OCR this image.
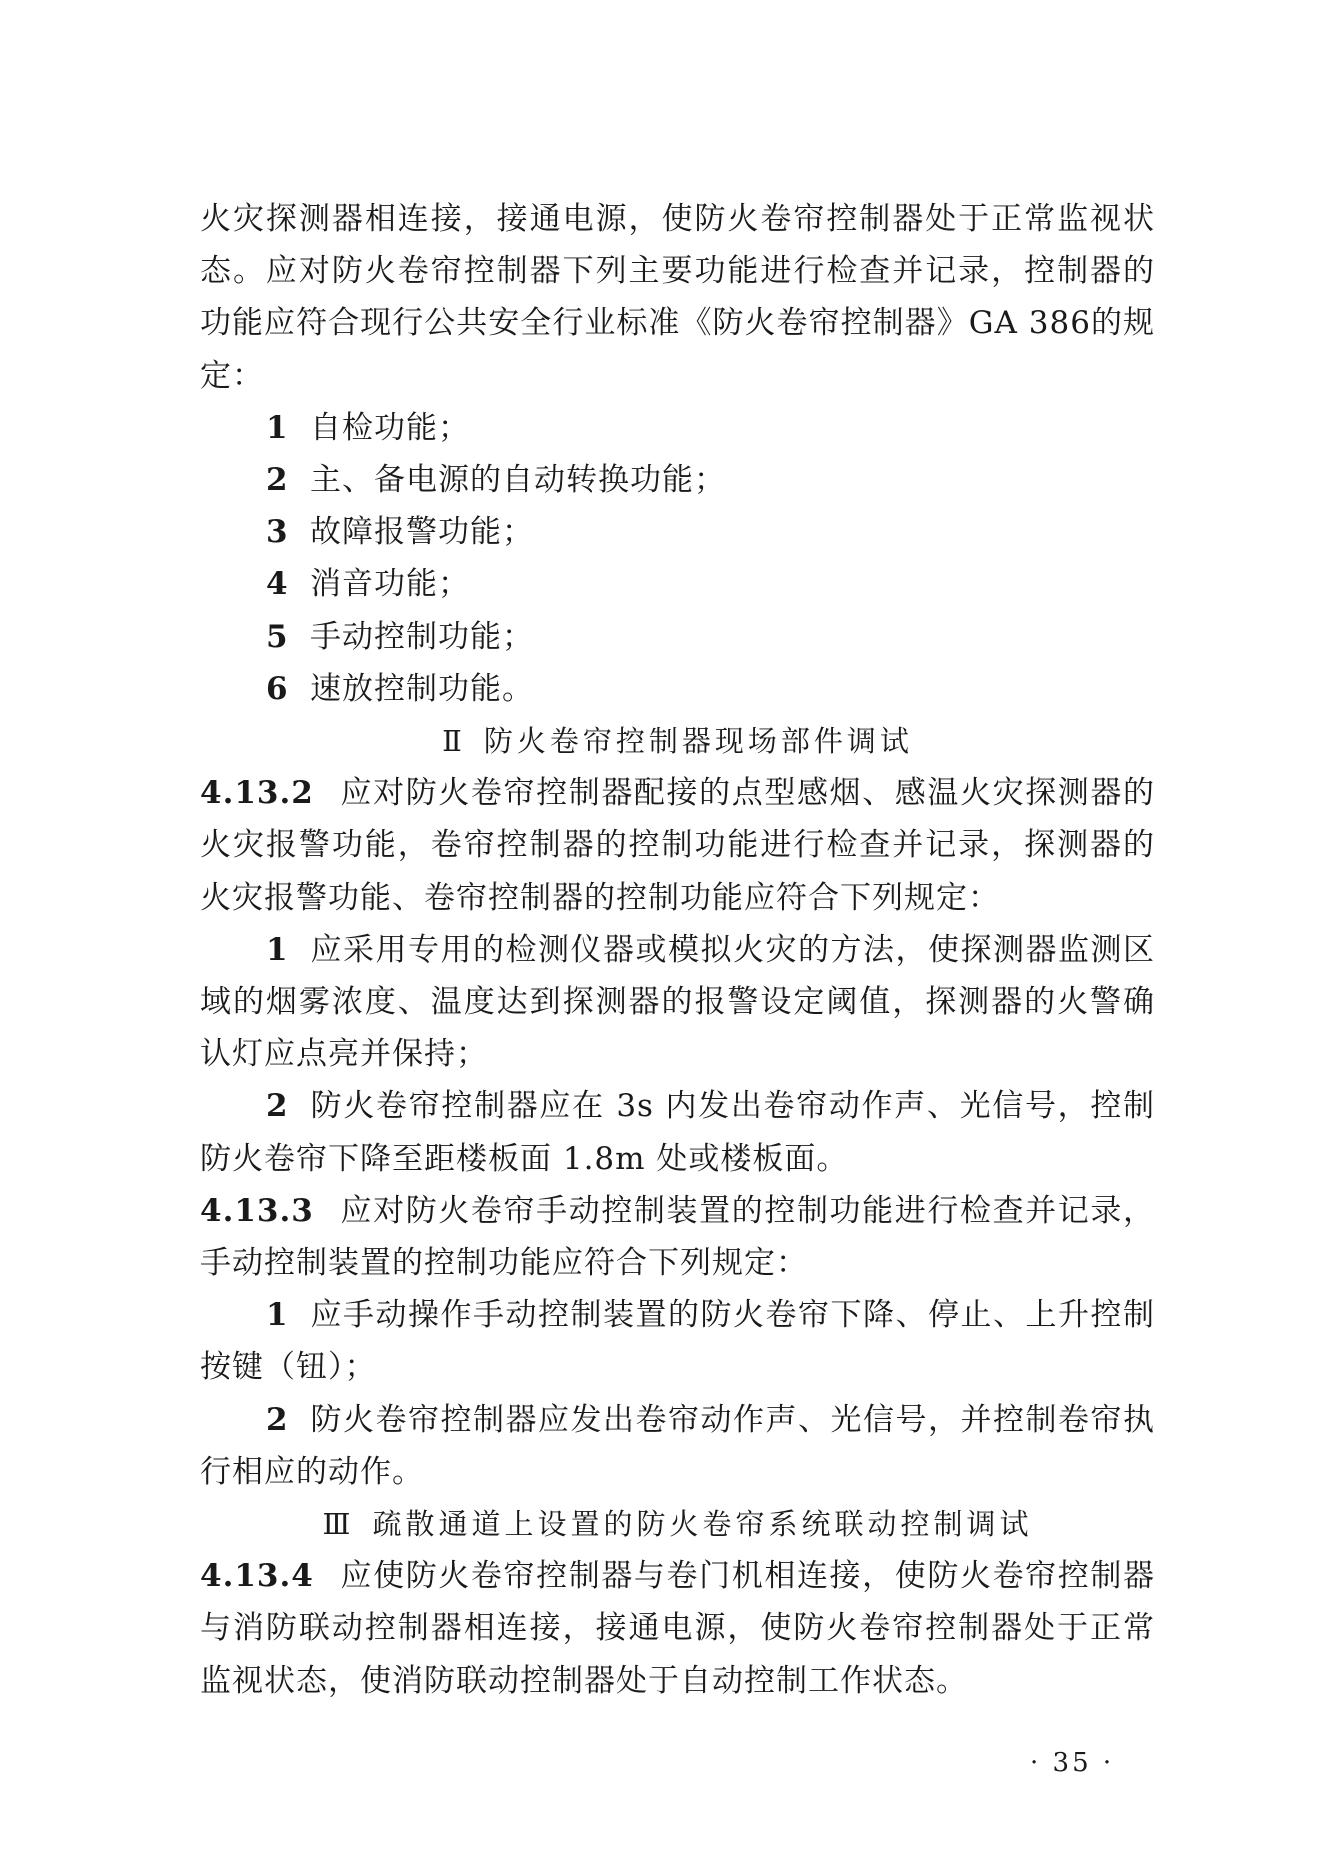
火灾探测器相连接，接通电源，使防火卷帘控制器处于正常监视状态。应对防火卷帘控制器下列主要功能进行检查并记录，控制器的功能应符合现行公共安全行业标准《防火卷帘控制器》GA 386的规定：

1 自检功能；

2 主、备电源的自动转换功能；

3 故障报警功能；

4 消音功能；

5 手动控制功能；

6 速放控制功能。

Ⅱ 防火卷帘控制器现场部件调试

4.13.2 应对防火卷帘控制器配接的点型感烟、感温火灾探测器的火灾报警功能，卷帘控制器的控制功能进行检查并记录，探测器的火灾报警功能、卷帘控制器的控制功能应符合下列规定：

1 应采用专用的检测仪器或模拟火灾的方法，使探测器监测区域的烟雾浓度、温度达到探测器的报警设定阈值，探测器的火警确认灯应点亮并保持；

2 防火卷帘控制器应在 3s 内发出卷帘动作声、光信号，控制防火卷帘下降至距楼板面 1.8m 处或楼板面。

4.13.3 应对防火卷帘手动控制装置的控制功能进行检查并记录，手动控制装置的控制功能应符合下列规定：

1 应手动操作手动控制装置的防火卷帘下降、停止、上升控制按键（钮）；

2 防火卷帘控制器应发出卷帘动作声、光信号，并控制卷帘执行相应的动作。

Ⅲ 疏散通道上设置的防火卷帘系统联动控制调试

4.13.4 应使防火卷帘控制器与卷门机相连接，使防火卷帘控制器与消防联动控制器相连接，接通电源，使防火卷帘控制器处于正常监视状态，使消防联动控制器处于自动控制工作状态。

· 35 ·
